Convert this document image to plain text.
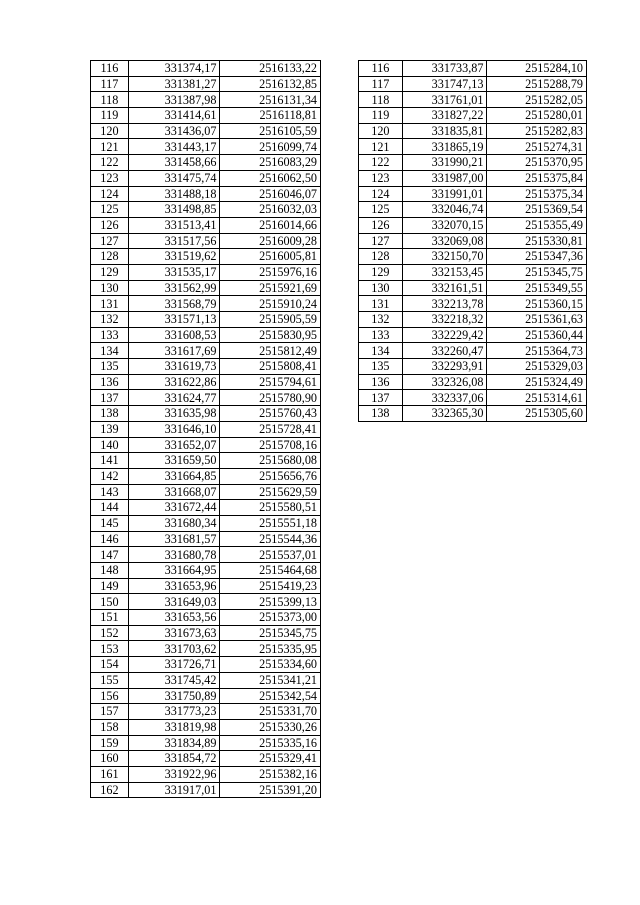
116	331374,17	2516133,22
117	331381,27	2516132,85
118	331387,98	2516131,34
119	331414,61	2516118,81
120	331436,07	2516105,59
121	331443,17	2516099,74
122	331458,66	2516083,29
123	331475,74	2516062,50
124	331488,18	2516046,07
125	331498,85	2516032,03
126	331513,41	2516014,66
127	331517,56	2516009,28
128	331519,62	2516005,81
129	331535,17	2515976,16
130	331562,99	2515921,69
131	331568,79	2515910,24
132	331571,13	2515905,59
133	331608,53	2515830,95
134	331617,69	2515812,49
135	331619,73	2515808,41
136	331622,86	2515794,61
137	331624,77	2515780,90
138	331635,98	2515760,43
139	331646,10	2515728,41
140	331652,07	2515708,16
141	331659,50	2515680,08
142	331664,85	2515656,76
143	331668,07	2515629,59
144	331672,44	2515580,51
145	331680,34	2515551,18
146	331681,57	2515544,36
147	331680,78	2515537,01
148	331664,95	2515464,68
149	331653,96	2515419,23
150	331649,03	2515399,13
151	331653,56	2515373,00
152	331673,63	2515345,75
153	331703,62	2515335,95
154	331726,71	2515334,60
155	331745,42	2515341,21
156	331750,89	2515342,54
157	331773,23	2515331,70
158	331819,98	2515330,26
159	331834,89	2515335,16
160	331854,72	2515329,41
161	331922,96	2515382,16
162	331917,01	2515391,20
116	331733,87	2515284,10
117	331747,13	2515288,79
118	331761,01	2515282,05
119	331827,22	2515280,01
120	331835,81	2515282,83
121	331865,19	2515274,31
122	331990,21	2515370,95
123	331987,00	2515375,84
124	331991,01	2515375,34
125	332046,74	2515369,54
126	332070,15	2515355,49
127	332069,08	2515330,81
128	332150,70	2515347,36
129	332153,45	2515345,75
130	332161,51	2515349,55
131	332213,78	2515360,15
132	332218,32	2515361,63
133	332229,42	2515360,44
134	332260,47	2515364,73
135	332293,91	2515329,03
136	332326,08	2515324,49
137	332337,06	2515314,61
138	332365,30	2515305,60
